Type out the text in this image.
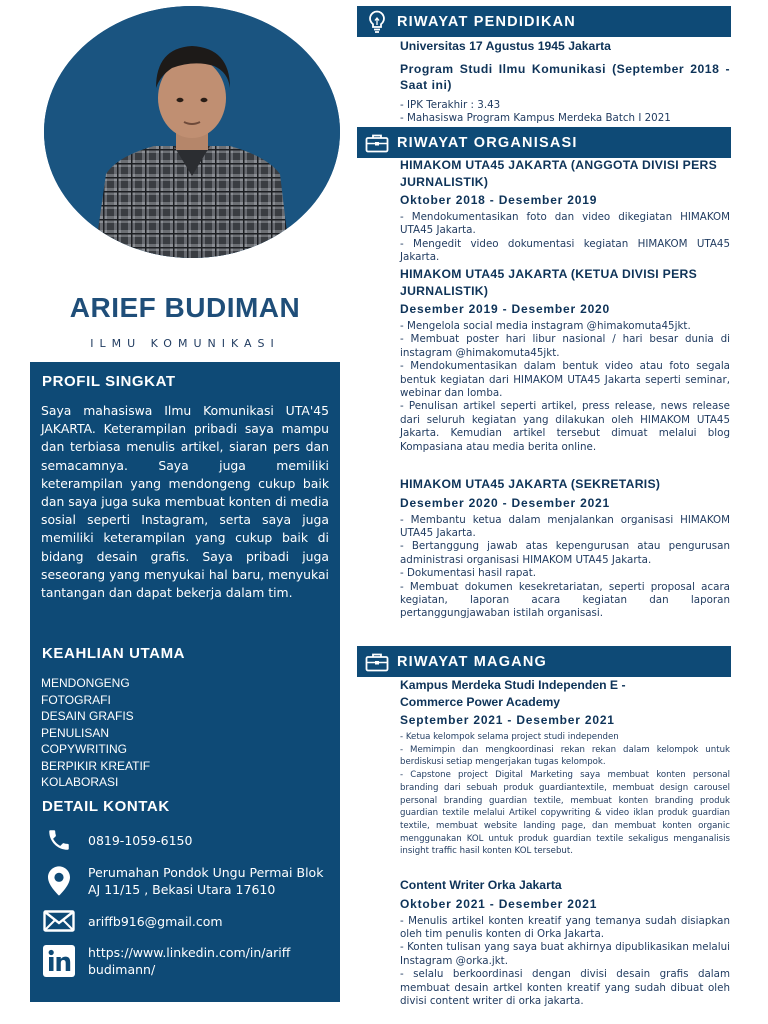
ARIEF BUDIMAN
ILMU KOMUNIKASI
PROFIL SINGKAT

Saya mahasiswa Ilmu Komunikasi UTA'45 JAKARTA. Keterampilan pribadi saya mampu dan terbiasa menulis artikel, siaran pers dan semacamnya. Saya juga memiliki keterampilan yang mendongeng cukup baik dan saya juga suka membuat konten di media sosial seperti Instagram, serta saya juga memiliki keterampilan yang cukup baik di bidang desain grafis. Saya pribadi juga seseorang yang menyukai hal baru, menyukai tantangan dan dapat bekerja dalam tim.

KEAHLIAN UTAMA
MENDONGENG
FOTOGRAFI
DESAIN GRAFIS
PENULISAN
COPYWRITING
BERPIKIR KREATIF
KOLABORASI
DETAIL KONTAK
0819-1059-6150
Perumahan Pondok Ungu Permai Blok AJ 11/15 , Bekasi Utara 17610
ariffb916@gmail.com
https://www.linkedin.com/in/ariff budimann/
RIWAYAT PENDIDIKAN
Universitas 17 Agustus 1945 Jakarta
Program Studi Ilmu Komunikasi (September 2018 - Saat ini)
- IPK Terakhir : 3.43
- Mahasiswa Program Kampus Merdeka Batch I 2021
RIWAYAT ORGANISASI
HIMAKOM UTA45 JAKARTA (ANGGOTA DIVISI PERS JURNALISTIK)
Oktober 2018 - Desember 2019
- Mendokumentasikan foto dan video dikegiatan HIMAKOM UTA45 Jakarta.
- Mengedit video dokumentasi kegiatan HIMAKOM UTA45 Jakarta.
HIMAKOM UTA45 JAKARTA (KETUA DIVISI PERS JURNALISTIK)
Desember 2019 - Desember 2020
- Mengelola social media instagram @himakomuta45jkt.
- Membuat poster hari libur nasional / hari besar dunia di instagram @himakomuta45jkt.
- Mendokumentasikan dalam bentuk video atau foto segala bentuk kegiatan dari HIMAKOM UTA45 Jakarta seperti seminar, webinar dan lomba.
- Penulisan artikel seperti artikel, press release, news release dari seluruh kegiatan yang dilakukan oleh HIMAKOM UTA45 Jakarta. Kemudian artikel tersebut dimuat melalui blog Kompasiana atau media berita online.
HIMAKOM UTA45 JAKARTA (SEKRETARIS)
Desember 2020 - Desember 2021
- Membantu ketua dalam menjalankan organisasi HIMAKOM UTA45 Jakarta.
- Bertanggung jawab atas kepengurusan atau pengurusan administrasi organisasi HIMAKOM UTA45 Jakarta.
- Dokumentasi hasil rapat.
- Membuat dokumen kesekretariatan, seperti proposal acara kegiatan, laporan acara kegiatan dan laporan pertanggungjawaban istilah organisasi.
RIWAYAT MAGANG
Kampus Merdeka Studi Independen E - Commerce Power Academy
September 2021 - Desember 2021
- Ketua kelompok selama project studi independen
- Memimpin dan mengkoordinasi rekan rekan dalam kelompok untuk berdiskusi setiap mengerjakan tugas kelompok.
- Capstone project Digital Marketing saya membuat konten personal branding dari sebuah produk guardiantextile, membuat design carousel personal branding guardian textile, membuat konten branding produk guardian textile melalui Artikel copywriting & video iklan produk guardian textile, membuat website landing page, dan membuat konten organic menggunakan KOL untuk produk guardian textile sekaligus menganalisis insight traffic hasil konten KOL tersebut.
Content Writer Orka Jakarta
Oktober 2021 - Desember 2021
- Menulis artikel konten kreatif yang temanya sudah disiapkan oleh tim penulis konten di Orka Jakarta.
- Konten tulisan yang saya buat akhirnya dipublikasikan melalui Instagram @orka.jkt.
- selalu berkoordinasi dengan divisi desain grafis dalam membuat desain artkel konten kreatif yang sudah dibuat oleh divisi content writer di orka jakarta.
